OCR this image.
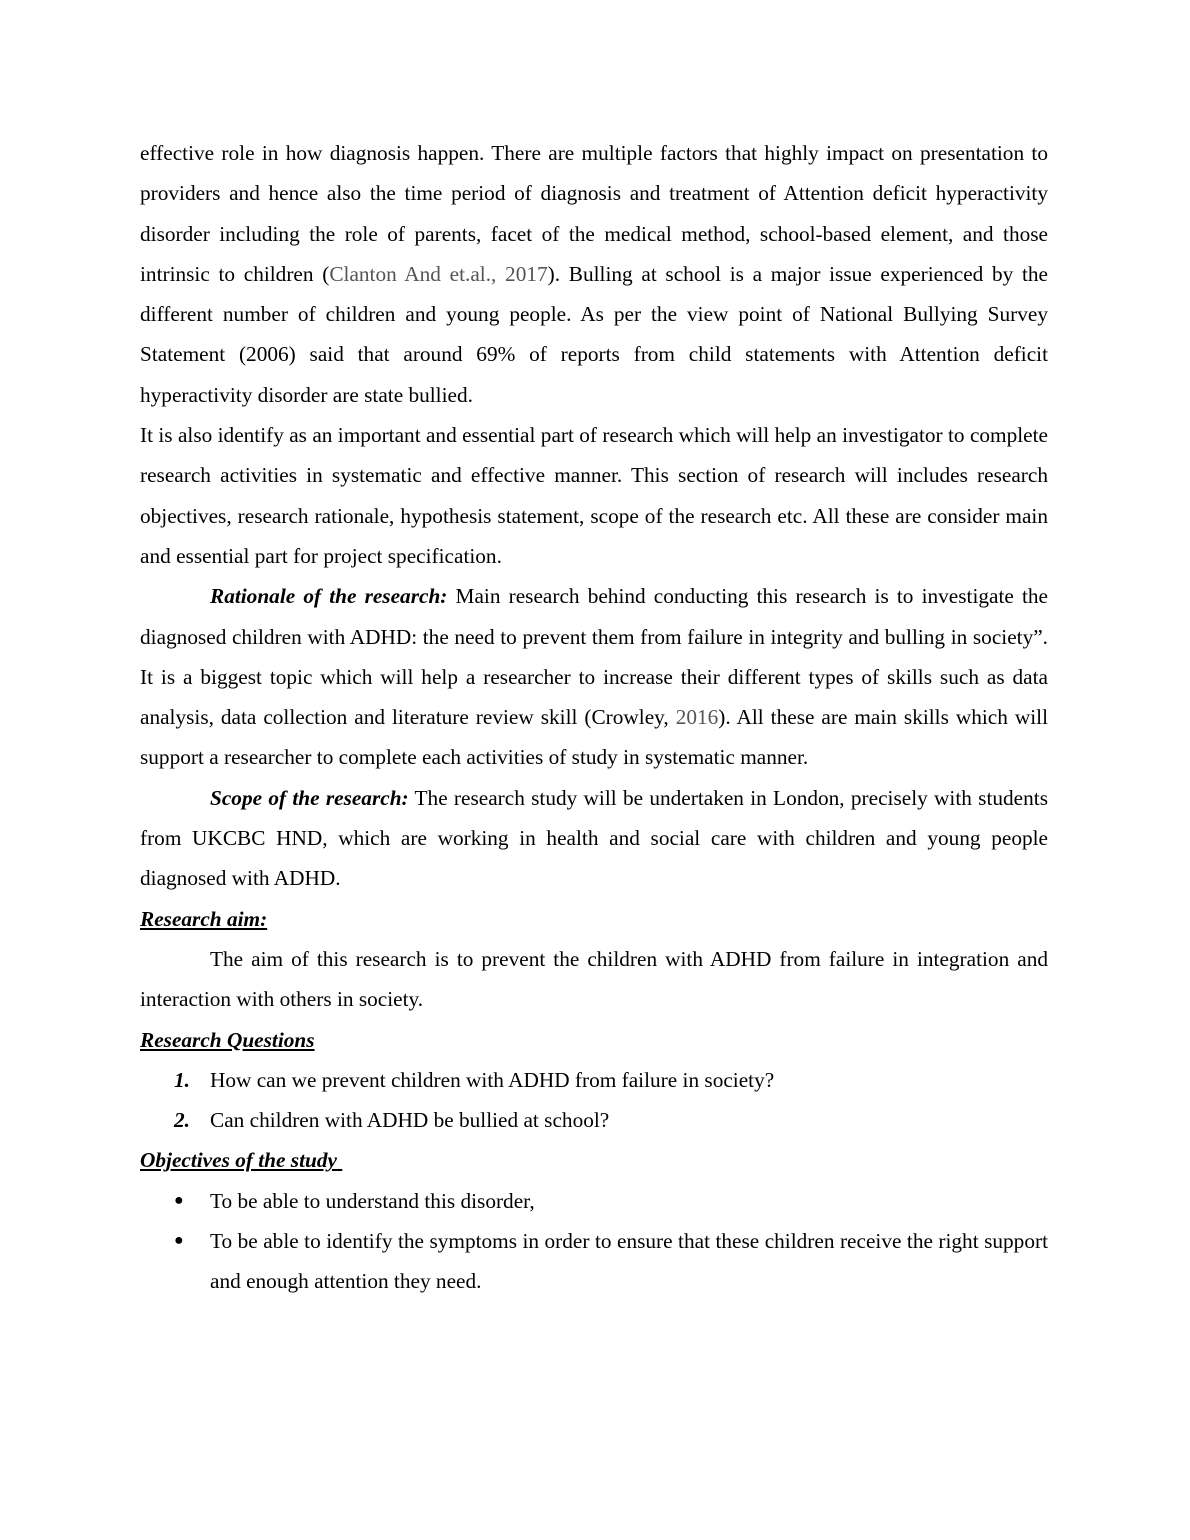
effective role in how diagnosis happen. There are multiple factors that highly impact on presentation to providers and hence also the time period of diagnosis and treatment of Attention deficit hyperactivity disorder including the role of parents, facet of the medical method, school-based element, and those intrinsic to children (Clanton And et.al., 2017). Bulling at school is a major issue experienced by the different number of children and young people. As per the view point of National Bullying Survey Statement (2006) said that around 69% of reports from child statements with Attention deficit hyperactivity disorder are state bullied.

It is also identify as an important and essential part of research which will help an investigator to complete research activities in systematic and effective manner. This section of research will includes research objectives, research rationale, hypothesis statement, scope of the research etc. All these are consider main and essential part for project specification.

Rationale of the research: Main research behind conducting this research is to investigate the diagnosed children with ADHD: the need to prevent them from failure in integrity and bulling in society”. It is a biggest topic which will help a researcher to increase their different types of skills such as data analysis, data collection and literature review skill (Crowley, 2016). All these are main skills which will support a researcher to complete each activities of study in systematic manner.

Scope of the research: The research study will be undertaken in London, precisely with students from UKCBC HND, which are working in health and social care with children and young people diagnosed with ADHD.

Research aim:

The aim of this research is to prevent the children with ADHD from failure in integration and interaction with others in society.

Research Questions
1. How can we prevent children with ADHD from failure in society?
2. Can children with ADHD be bullied at school?
Objectives of the study
● To be able to understand this disorder,
● To be able to identify the symptoms in order to ensure that these children receive the right support and enough attention they need.
